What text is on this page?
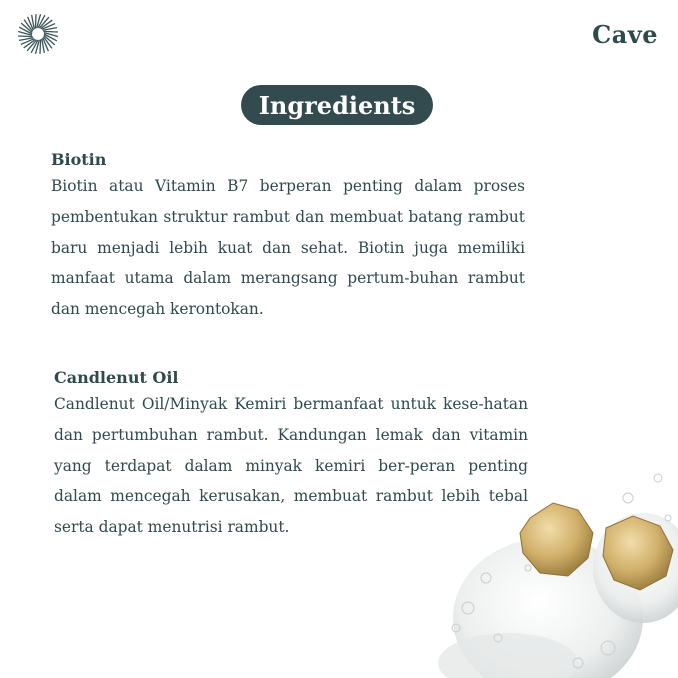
Cave
Ingredients
Biotin

Biotin atau Vitamin B7 berperan penting dalam proses pembentukan struktur rambut dan membuat batang rambut baru menjadi lebih kuat dan sehat. Biotin juga memiliki manfaat utama dalam merangsang pertum-buhan rambut dan mencegah kerontokan.

Candlenut Oil

Candlenut Oil/Minyak Kemiri bermanfaat untuk kese-hatan dan pertumbuhan rambut. Kandungan lemak dan vitamin yang terdapat dalam minyak kemiri ber-peran penting dalam mencegah kerusakan, membuat rambut lebih tebal serta dapat menutrisi rambut.
